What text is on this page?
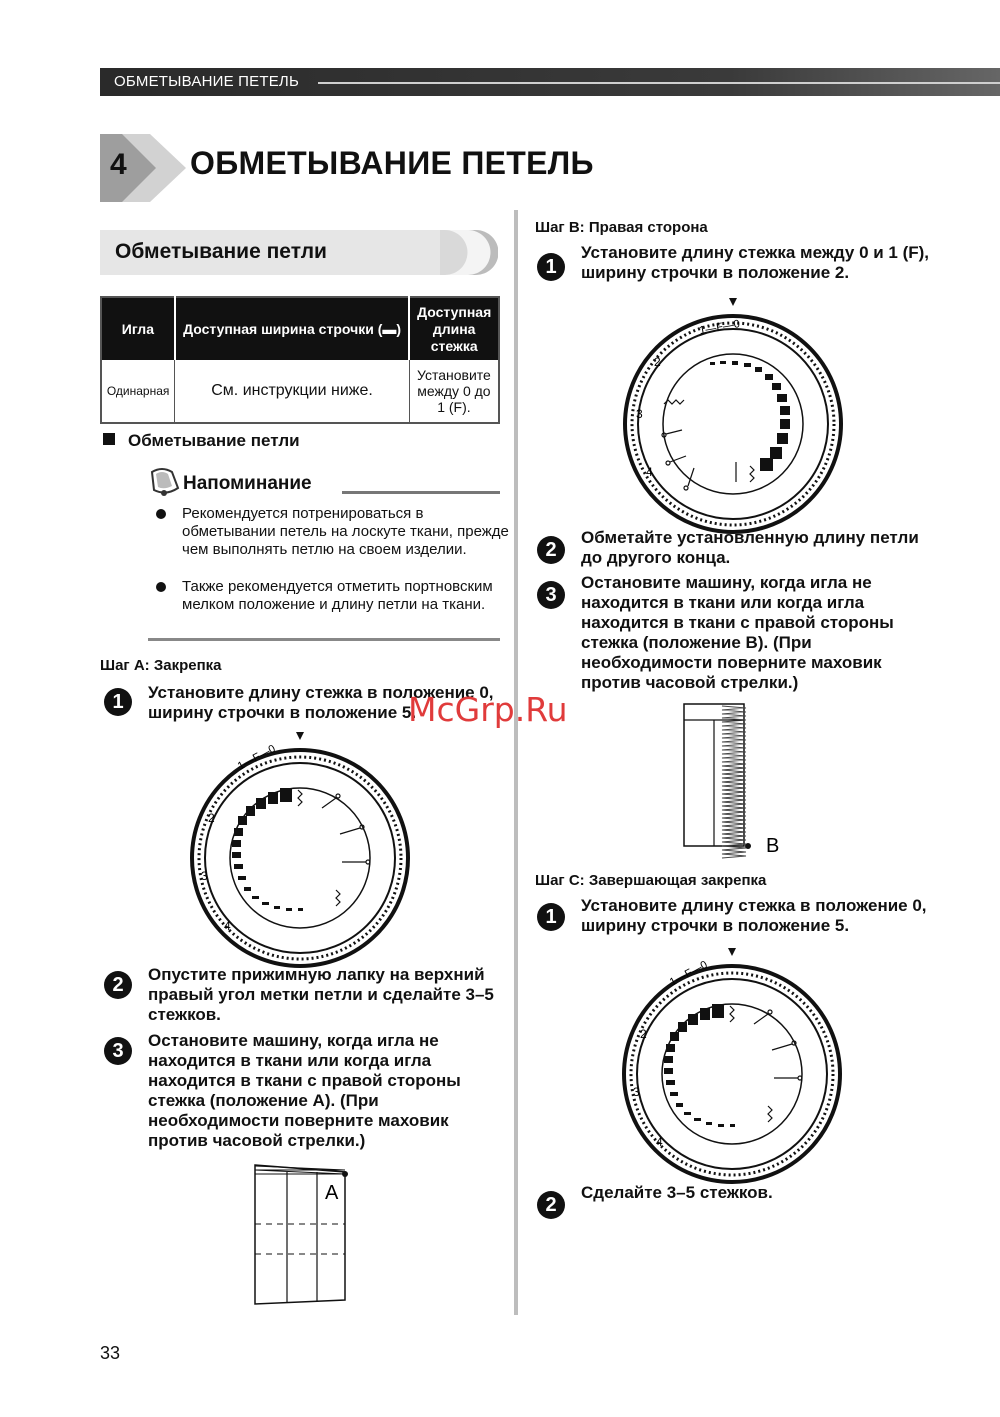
ОБМЕТЫВАНИЕ ПЕТЕЛЬ
4 ОБМЕТЫВАНИЕ ПЕТЕЛЬ
Обметывание петли
Игла	Доступная ширина строчки (▬)	Доступная длина стежка
Одинарная	См. инструкции ниже.	Установите между 0 до 1 (F).
Обметывание петли
Напоминание
Рекомендуется потренироваться в обметывании петель на лоскуте ткани, прежде чем выполнять петлю на своем изделии.
Также рекомендуется отметить портновским мелком положение и длину петли на ткани.
Шаг А: Закрепка
1	Установите длину стежка в положение 0, ширину строчки в положение 5.
1—F—0
2
3
4
2	Опустите прижимную лапку на верхний правый угол метки петли и сделайте 3–5 стежков.
3	Остановите машину, когда игла не находится в ткани или когда игла находится в ткани с правой стороны стежка (положение А). (При необходимости поверните маховик против часовой стрелки.)
A
Шаг В: Правая сторона
1
Установите длину стежка между 0 и 1 (F), ширину строчки в положение 2.
1—F—0
2
3
4
2
Обметайте установленную длину петли до другого конца.
3
Остановите машину, когда игла не находится в ткани или когда игла находится в ткани с правой стороны стежка (положение В). (При необходимости поверните маховик против часовой стрелки.)
B
Шаг С: Завершающая закрепка
1
Установите длину стежка в положение 0, ширину строчки в положение 5.
1—F—0
2
3
4
2
Сделайте 3–5 стежков.
McGrp.Ru
33
